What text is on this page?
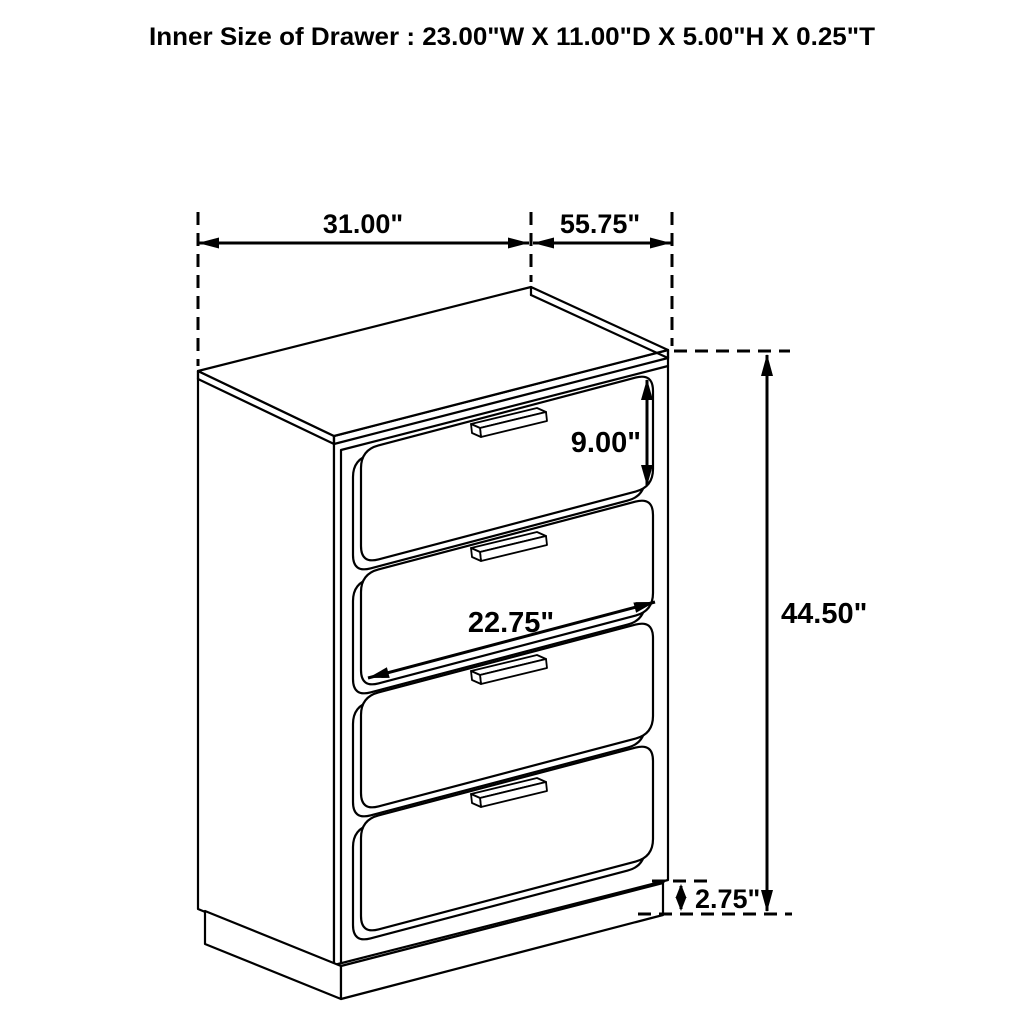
31.00"	55.75"
9.00"
22.75"	44.50"
2.75"
Inner Size of Drawer : 23.00"W X 11.00"D X 5.00"H X 0.25"T
